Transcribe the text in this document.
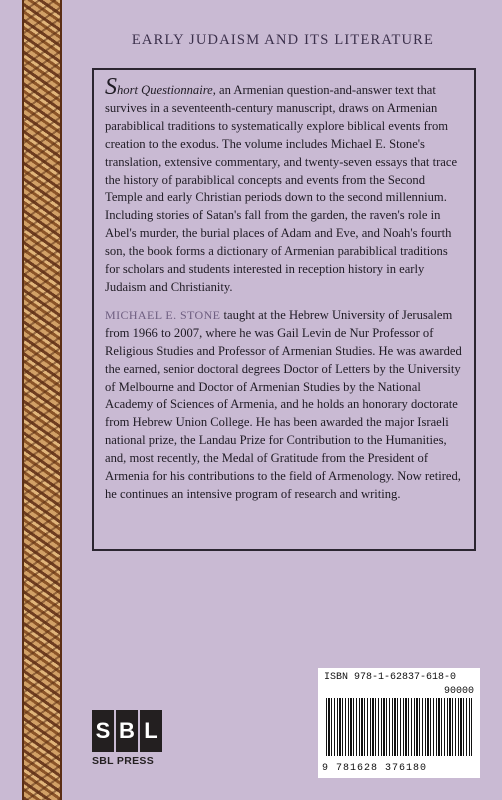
EARLY JUDAISM AND ITS LITERATURE

Short Questionnaire, an Armenian question-and-answer text that survives in a seventeenth-century manuscript, draws on Armenian parabiblical traditions to systematically explore biblical events from creation to the exodus. The volume includes Michael E. Stone's translation, extensive commentary, and twenty-seven essays that trace the history of parabiblical concepts and events from the Second Temple and early Christian periods down to the second millennium. Including stories of Satan's fall from the garden, the raven's role in Abel's murder, the burial places of Adam and Eve, and Noah's fourth son, the book forms a dictionary of Armenian parabiblical traditions for scholars and students interested in reception history in early Judaism and Christianity.

MICHAEL E. STONE taught at the Hebrew University of Jerusalem from 1966 to 2007, where he was Gail Levin de Nur Professor of Religious Studies and Professor of Armenian Studies. He was awarded the earned, senior doctoral degrees Doctor of Letters by the University of Melbourne and Doctor of Armenian Studies by the National Academy of Sciences of Armenia, and he holds an honorary doctorate from Hebrew Union College. He has been awarded the major Israeli national prize, the Landau Prize for Contribution to the Humanities, and, most recently, the Medal of Gratitude from the President of Armenia for his contributions to the field of Armenology. Now retired, he continues an intensive program of research and writing.

ISBN 978-1-62837-618-0
90000
9 781628 376180
S B L
SBL PRESS
